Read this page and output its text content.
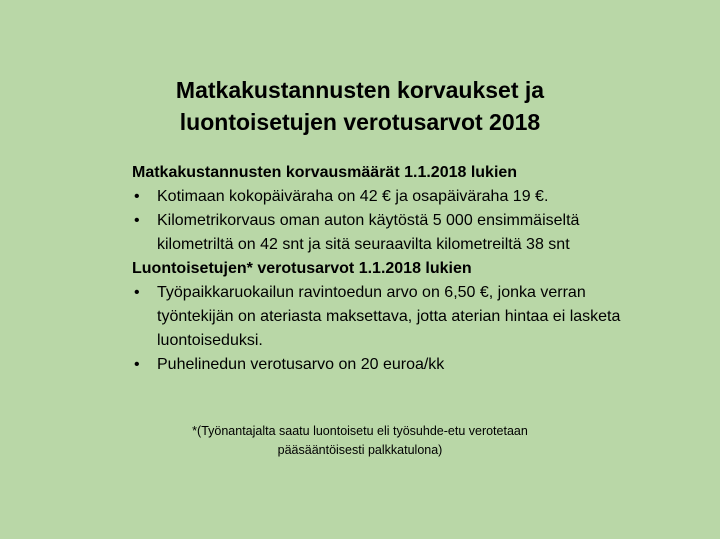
Matkakustannusten korvaukset ja
luontoisetujen verotusarvot 2018
Matkakustannusten korvausmäärät 1.1.2018 lukien
• Kotimaan kokopäiväraha on 42 € ja osapäiväraha 19 €.
• Kilometrikorvaus oman auton käytöstä 5 000 ensimmäiseltä kilometriltä on 42 snt ja sitä seuraavilta kilometreiltä 38 snt
Luontoisetujen* verotusarvot 1.1.2018 lukien
• Työpaikkaruokailun ravintoedun arvo on 6,50 €, jonka verran työntekijän on ateriasta maksettava, jotta aterian hintaa ei lasketa luontoiseduksi.
• Puhelinedun verotusarvo on 20 euroa/kk
*(Työnantajalta saatu luontoisetu eli työsuhde-etu verotetaan
pääsääntöisesti palkkatulona)
